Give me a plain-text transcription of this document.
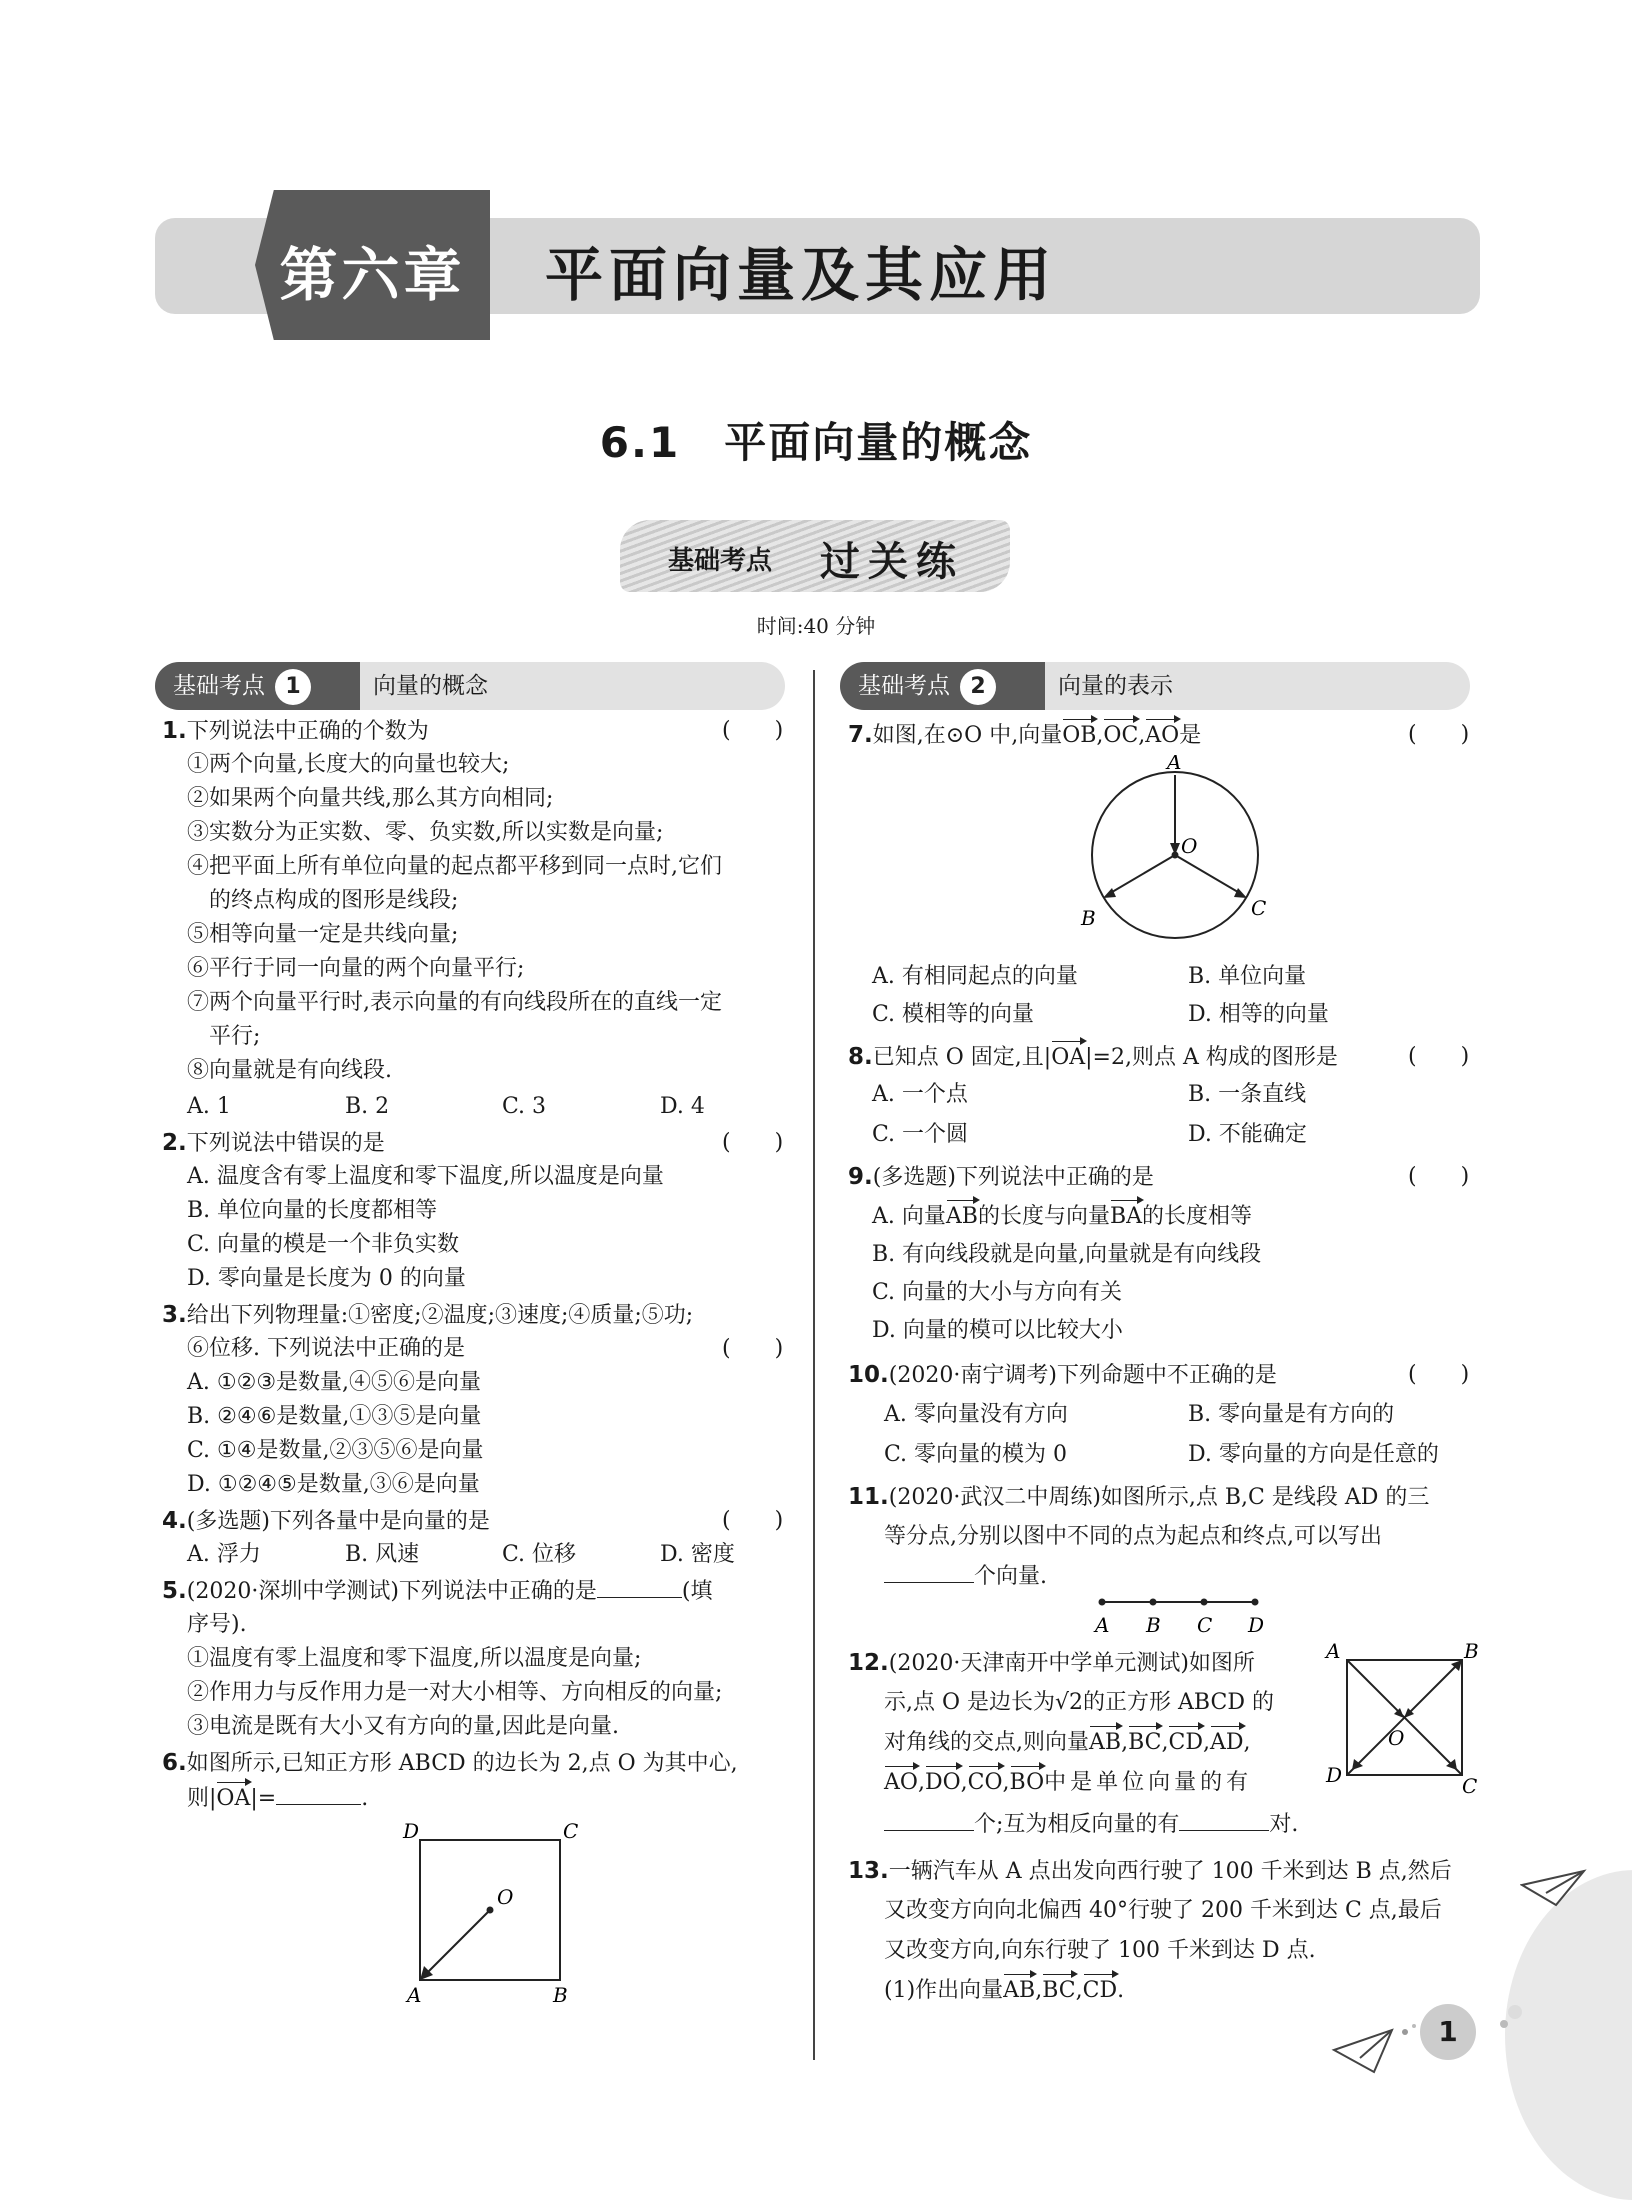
第六章	平面向量及其应用
6.1　平面向量的概念
基础考点 过关练
时间:40 分钟
基础考点 1	向量的概念	基础考点 2	向量的表示
1.下列说法中正确的个数为	(　　)
①两个向量,长度大的向量也较大;
②如果两个向量共线,那么其方向相同;
③实数分为正实数、零、负实数,所以实数是向量;
④把平面上所有单位向量的起点都平移到同一点时,它们
　的终点构成的图形是线段;
⑤相等向量一定是共线向量;
⑥平行于同一向量的两个向量平行;
⑦两个向量平行时,表示向量的有向线段所在的直线一定
　平行;
⑧向量就是有向线段.
A. 1	B. 2	C. 3	D. 4
2.下列说法中错误的是	(　　)
A. 温度含有零上温度和零下温度,所以温度是向量
B. 单位向量的长度都相等
C. 向量的模是一个非负实数
D. 零向量是长度为 0 的向量
3.给出下列物理量:①密度;②温度;③速度;④质量;⑤功;
⑥位移. 下列说法中正确的是	(　　)
A. ①②③是数量,④⑤⑥是向量
B. ②④⑥是数量,①③⑤是向量
C. ①④是数量,②③⑤⑥是向量
D. ①②④⑤是数量,③⑥是向量
4.(多选题)下列各量中是向量的是	(　　)
A. 浮力	B. 风速	C. 位移	D. 密度
5.(2020·深圳中学测试)下列说法中正确的是	(填
序号).
①温度有零上温度和零下温度,所以温度是向量;
②作用力与反作用力是一对大小相等、方向相反的向量;
③电流是既有大小又有方向的量,因此是向量.
6.如图所示,已知正方形 ABCD 的边长为 2,点 O 为其中心,
则|OA|=	.
D	C
O
A	B
7.如图,在⊙O 中,向量OB,OC,AO是	(　　)
A
O
B	C
A. 有相同起点的向量	B. 单位向量
C. 模相等的向量	D. 相等的向量
8.已知点 O 固定,且|OA|=2,则点 A 构成的图形是	(　　)
A. 一个点	B. 一条直线
C. 一个圆	D. 不能确定
9.(多选题)下列说法中正确的是	(　　)
A. 向量AB的长度与向量BA的长度相等
B. 有向线段就是向量,向量就是有向线段
C. 向量的大小与方向有关
D. 向量的模可以比较大小
10.(2020·南宁调考)下列命题中不正确的是	(　　)
A. 零向量没有方向	B. 零向量是有方向的
C. 零向量的模为 0	D. 零向量的方向是任意的
11.(2020·武汉二中周练)如图所示,点 B,C 是线段 AD 的三
等分点,分别以图中不同的点为起点和终点,可以写出
个向量.
A B C D
12.(2020·天津南开中学单元测试)如图所
示,点 O 是边长为√2的正方形 ABCD 的
对角线的交点,则向量AB,BC,CD,AD,
AO,DO,CO,BO中是单位向量的有
个;互为相反向量的有	对.
A	B
O
D	C
13.一辆汽车从 A 点出发向西行驶了 100 千米到达 B 点,然后
又改变方向向北偏西 40°行驶了 200 千米到达 C 点,最后
又改变方向,向东行驶了 100 千米到达 D 点.
(1)作出向量AB,BC,CD.
1
